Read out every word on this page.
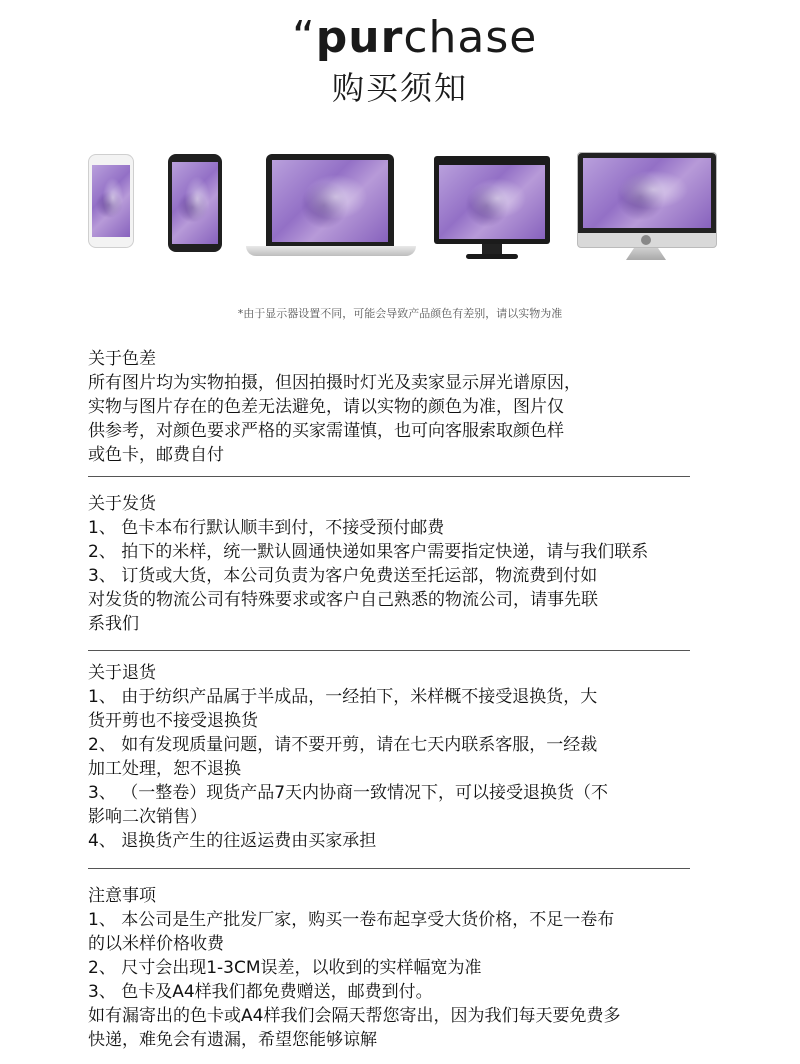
“purchase
购买须知
*由于显示器设置不同，可能会导致产品颜色有差别，请以实物为准
关于色差
所有图片均为实物拍摄，但因拍摄时灯光及卖家显示屏光谱原因，
实物与图片存在的色差无法避免，请以实物的颜色为准，图片仅
供参考，对颜色要求严格的买家需谨慎，也可向客服索取颜色样
或色卡，邮费自付
关于发货
1、 色卡本布行默认顺丰到付，不接受预付邮费
2、 拍下的米样，统一默认圆通快递如果客户需要指定快递，请与我们联系
3、 订货或大货，本公司负责为客户免费送至托运部，物流费到付如
对发货的物流公司有特殊要求或客户自己熟悉的物流公司，请事先联
系我们
关于退货
1、 由于纺织产品属于半成品，一经拍下，米样概不接受退换货，大
货开剪也不接受退换货
2、 如有发现质量问题，请不要开剪，请在七天内联系客服，一经裁
加工处理，恕不退换
3、 （一整卷）现货产品7天内协商一致情况下，可以接受退换货（不
影响二次销售）
4、 退换货产生的往返运费由买家承担
注意事项
1、 本公司是生产批发厂家，购买一卷布起享受大货价格，不足一卷布
的以米样价格收费
2、 尺寸会出现1-3CM误差，以收到的实样幅宽为准
3、 色卡及A4样我们都免费赠送，邮费到付。
如有漏寄出的色卡或A4样我们会隔天帮您寄出，因为我们每天要免费多
快递，难免会有遗漏，希望您能够谅解
